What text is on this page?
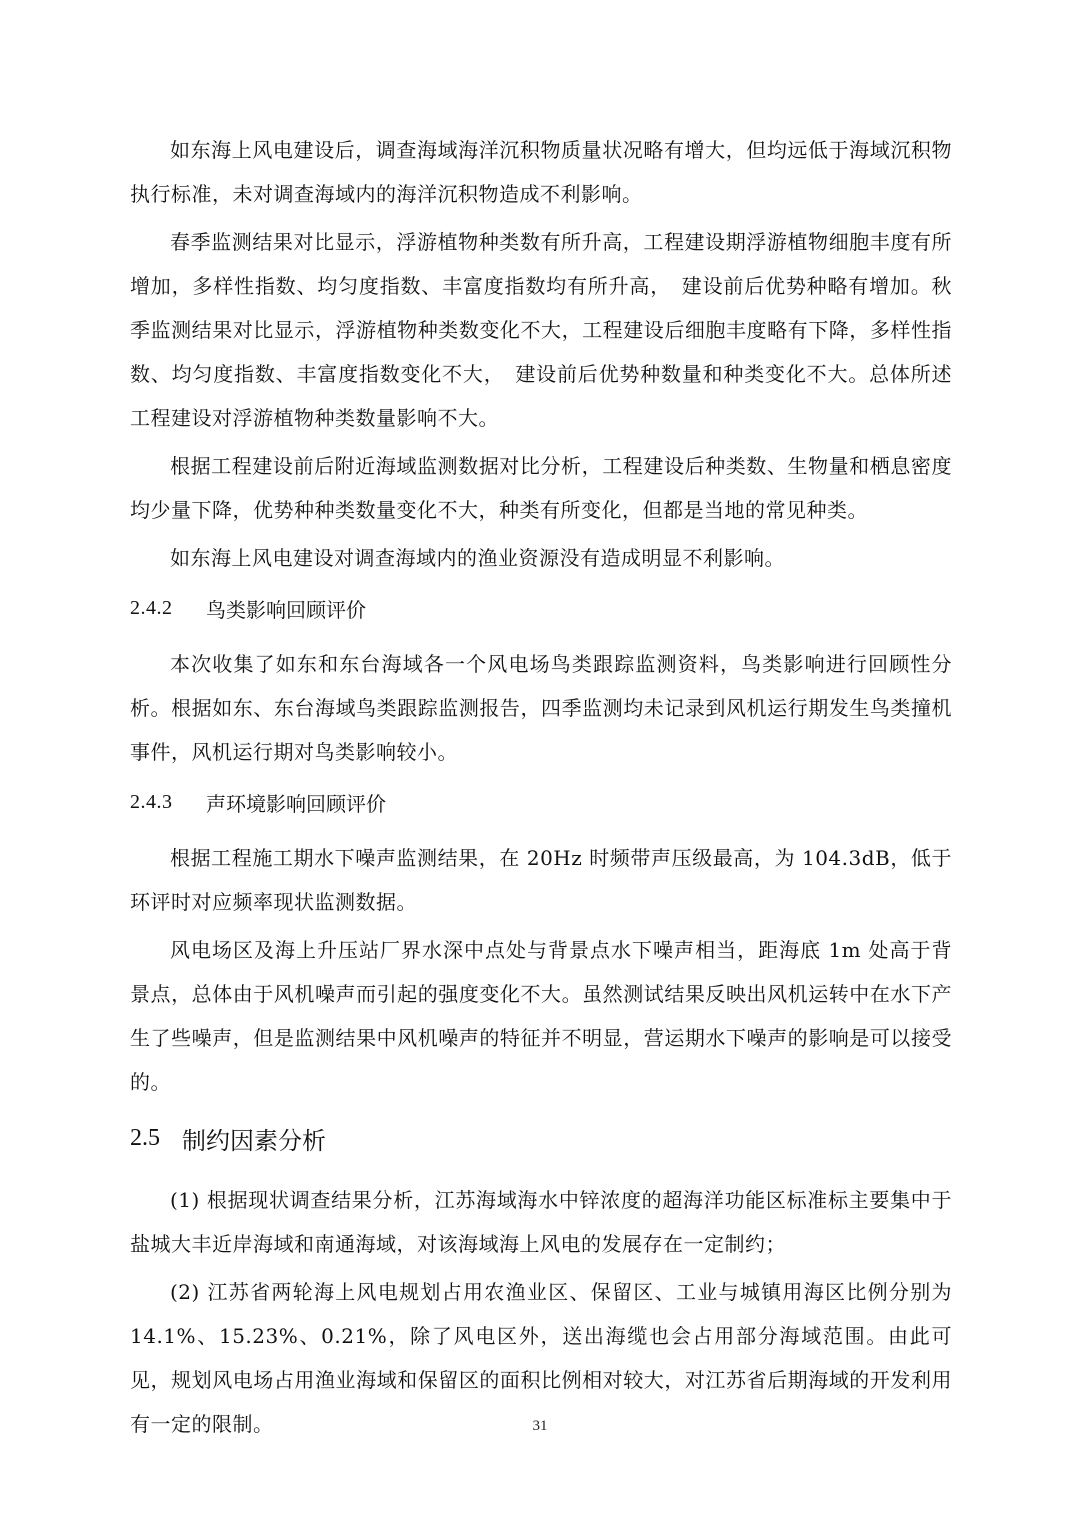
如东海上风电建设后，调查海域海洋沉积物质量状况略有增大，但均远低于海域沉积物执行标准，未对调查海域内的海洋沉积物造成不利影响。

春季监测结果对比显示，浮游植物种类数有所升高，工程建设期浮游植物细胞丰度有所增加，多样性指数、均匀度指数、丰富度指数均有所升高，　建设前后优势种略有增加。秋季监测结果对比显示，浮游植物种类数变化不大，工程建设后细胞丰度略有下降，多样性指数、均匀度指数、丰富度指数变化不大，　建设前后优势种数量和种类变化不大。总体所述工程建设对浮游植物种类数量影响不大。

根据工程建设前后附近海域监测数据对比分析，工程建设后种类数、生物量和栖息密度均少量下降，优势种种类数量变化不大，种类有所变化，但都是当地的常见种类。

如东海上风电建设对调查海域内的渔业资源没有造成明显不利影响。

2.4.2	鸟类影响回顾评价

本次收集了如东和东台海域各一个风电场鸟类跟踪监测资料，鸟类影响进行回顾性分析。根据如东、东台海域鸟类跟踪监测报告，四季监测均未记录到风机运行期发生鸟类撞机事件，风机运行期对鸟类影响较小。

2.4.3	声环境影响回顾评价

根据工程施工期水下噪声监测结果，在 20Hz 时频带声压级最高，为 104.3dB，低于环评时对应频率现状监测数据。

风电场区及海上升压站厂界水深中点处与背景点水下噪声相当，距海底 1m 处高于背景点，总体由于风机噪声而引起的强度变化不大。虽然测试结果反映出风机运转中在水下产生了些噪声，但是监测结果中风机噪声的特征并不明显，营运期水下噪声的影响是可以接受的。

2.5 制约因素分析

(1) 根据现状调查结果分析，江苏海域海水中锌浓度的超海洋功能区标准标主要集中于盐城大丰近岸海域和南通海域，对该海域海上风电的发展存在一定制约；

(2) 江苏省两轮海上风电规划占用农渔业区、保留区、工业与城镇用海区比例分别为 14.1%、15.23%、0.21%，除了风电区外，送出海缆也会占用部分海域范围。由此可见，规划风电场占用渔业海域和保留区的面积比例相对较大，对江苏省后期海域的开发利用有一定的限制。	31
